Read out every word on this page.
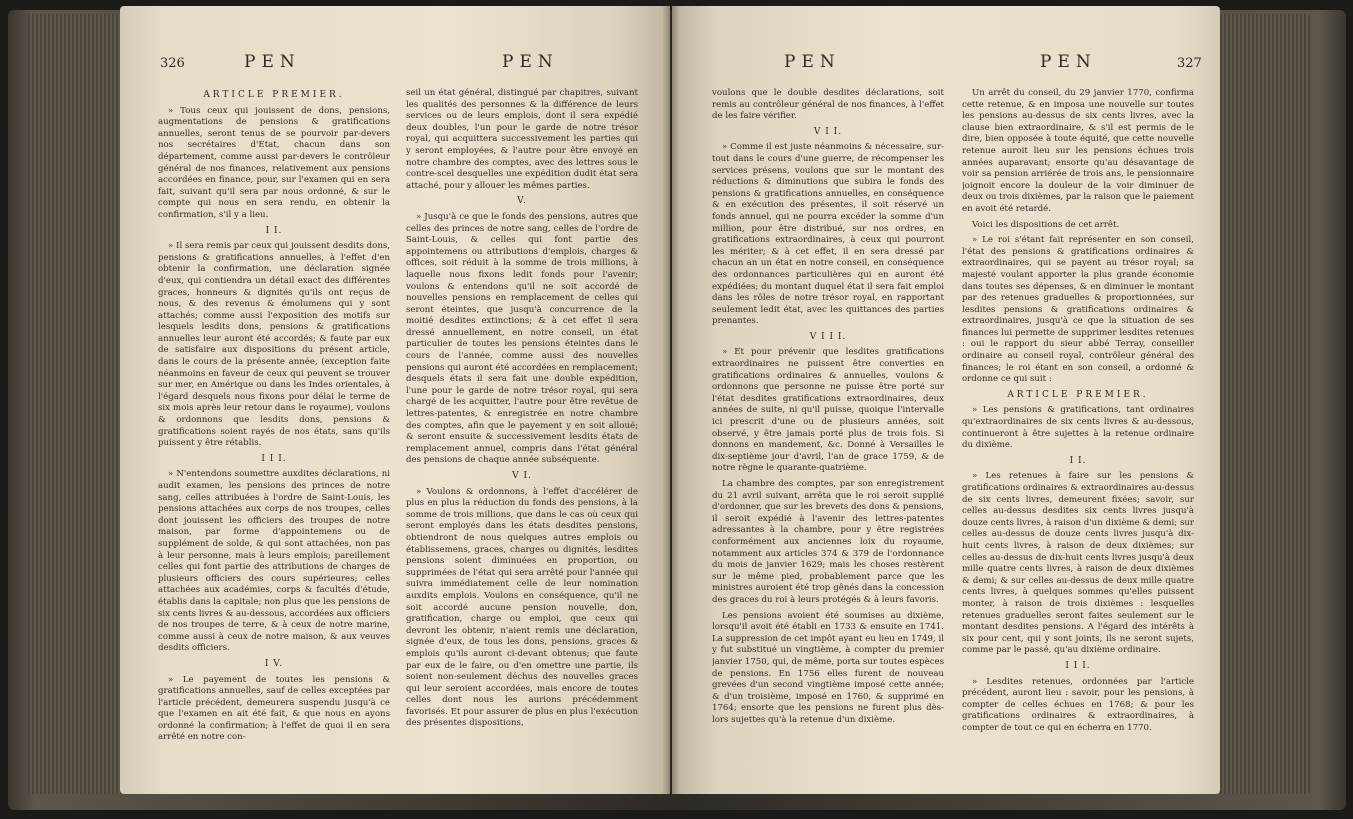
326	PEN	PEN
ARTICLE PREMIER.

» Tous ceux qui jouissent de dons, pensions, augmentations de pensions & gratifications annuelles, seront tenus de se pourvoir par-devers nos secrétaires d'Etat, chacun dans son département, comme aussi par-devers le contrôleur général de nos finances, relativement aux pensions accordées en finance, pour, sur l'examen qui en sera fait, suivant qu'il sera par nous ordonné, & sur le compte qui nous en sera rendu, en obtenir la confirmation, s'il y a lieu.

I I.

» Il sera remis par ceux qui jouissent desdits dons, pensions & gratifications annuelles, à l'effet d'en obtenir la confirmation, une déclaration signée d'eux, qui contiendra un détail exact des différentes graces, honneurs & dignités qu'ils ont reçus de nous, & des revenus & émolumens qui y sont attachés; comme aussi l'exposition des motifs sur lesquels lesdits dons, pensions & gratifications annuelles leur auront été accordés; & faute par eux de satisfaire aux dispositions du présent article, dans le cours de la présente année, (exception faite néanmoins en faveur de ceux qui peuvent se trouver sur mer, en Amérique ou dans les Indes orientales, à l'égard desquels nous fixons pour délai le terme de six mois après leur retour dans le royaume), voulons & ordonnons que lesdits dons, pensions & gratifications soient rayés de nos états, sans qu'ils puissent y être rétablis.

I I I.

» N'entendons soumettre auxdites déclarations, ni audit examen, les pensions des princes de notre sang, celles attribuées à l'ordre de Saint-Louis, les pensions attachées aux corps de nos troupes, celles dont jouissent les officiers des troupes de notre maison, par forme d'appointemens ou de supplément de solde, & qui sont attachées, non pas à leur personne, mais à leurs emplois; pareillement celles qui font partie des attributions de charges de plusieurs officiers des cours supérieures; celles attachées aux académies, corps & facultés d'étude, établis dans la capitale; non plus que les pensions de six cents livres & au-dessous, accordées aux officiers de nos troupes de terre, & à ceux de notre marine, comme aussi à ceux de notre maison, & aux veuves desdits officiers.

I V.

» Le payement de toutes les pensions & gratifications annuelles, sauf de celles exceptées par l'article précédent, demeurera suspendu jusqu'à ce que l'examen en ait été fait, & que nous en ayons ordonné la confirmation; à l'effet de quoi il en sera arrêté en notre con-

seil un état général, distingué par chapitres, suivant les qualités des personnes & la différence de leurs services ou de leurs emplois, dont il sera expédié deux doubles, l'un pour le garde de notre trésor royal, qui acquittera successivement les parties qui y seront employées, & l'autre pour être envoyé en notre chambre des comptes, avec des lettres sous le contre-scel desquelles une expédition dudit état sera attaché, pour y allouer les mêmes parties.

V.

» Jusqu'à ce que le fonds des pensions, autres que celles des princes de notre sang, celles de l'ordre de Saint-Louis, & celles qui font partie des appointemens ou attributions d'emplois, charges & offices, soit réduit à la somme de trois millions, à laquelle nous fixons ledit fonds pour l'avenir; voulons & entendons qu'il ne soit accordé de nouvelles pensions en remplacement de celles qui seront éteintes, que jusqu'à concurrence de la moitié desdites extinctions; & à cet effet il sera dressé annuellement, en notre conseil, un état particulier de toutes les pensions éteintes dans le cours de l'année, comme aussi des nouvelles pensions qui auront été accordées en remplacement; desquels états il sera fait une double expédition, l'une pour le garde de notre trésor royal, qui sera chargé de les acquitter, l'autre pour être revêtue de lettres-patentes, & enregistrée en notre chambre des comptes, afin que le payement y en soit alloué; & seront ensuite & successivement lesdits états de remplacement annuel, compris dans l'état général des pensions de chaque année subséquente.

V I.

» Voulons & ordonnons, à l'effet d'accélérer de plus en plus la réduction du fonds des pensions, à la somme de trois millions, que dans le cas où ceux qui seront employés dans les états desdites pensions, obtiendront de nous quelques autres emplois ou établissemens, graces, charges ou dignités, lesdites pensions soient diminuées en proportion, ou supprimées de l'état qui sera arrêté pour l'année qui suivra immédiatement celle de leur nomination auxdits emplois. Voulons en conséquence, qu'il ne soit accordé aucune pension nouvelle, don, gratification, charge ou emploi, que ceux qui devront les obtenir, n'aient remis une déclaration, signée d'eux, de tous les dons, pensions, graces & emplois qu'ils auront ci-devant obtenus; que faute par eux de le faire, ou d'en omettre une partie, ils soient non-seulement déchus des nouvelles graces qui leur seroient accordées, mais encore de toutes celles dont nous les aurions précédemment favorisés. Et pour assurer de plus en plus l'exécution des présentes dispositions,

PEN	PEN	327

voulons que le double desdites déclarations, soit remis au contrôleur général de nos finances, à l'effet de les faire vérifier.

V I I.

» Comme il est juste néanmoins & nécessaire, sur-tout dans le cours d'une guerre, de récompenser les services présens, voulons que sur le montant des réductions & diminutions que subira le fonds des pensions & gratifications annuelles, en conséquence & en exécution des présentes, il soit réservé un fonds annuel, qui ne pourra excéder la somme d'un million, pour être distribué, sur nos ordres, en gratifications extraordinaires, à ceux qui pourront les mériter; & à cet effet, il en sera dressé par chacun an un état en notre conseil, en conséquence des ordonnances particulières qui en auront été expédiées; du montant duquel état il sera fait emploi dans les rôles de notre trésor royal, en rapportant seulement ledit état, avec les quittances des parties prenantes.

V I I I.

» Et pour prévenir que lesdites gratifications extraordinaires ne puissent être converties en gratifications ordinaires & annuelles, voulons & ordonnons que personne ne puisse être porté sur l'état desdites gratifications extraordinaires, deux années de suite, ni qu'il puisse, quoique l'intervalle ici prescrit d'une ou de plusieurs années, soit observé, y être jamais porté plus de trois fois. Si donnons en mandement, &c. Donné à Versailles le dix-septième jour d'avril, l'an de grace 1759, & de notre règne le quarante-quatrième.

La chambre des comptes, par son enregistrement du 21 avril suivant, arrêta que le roi seroit supplié d'ordonner, que sur les brevets des dons & pensions, il seroit expédié à l'avenir des lettres-patentes adressantes à la chambre, pour y être registrées conformément aux anciennes loix du royaume, notamment aux articles 374 & 379 de l'ordonnance du mois de janvier 1629; mais les choses restèrent sur le même pied, probablement parce que les ministres auroient été trop gênés dans la concession des graces du roi à leurs protégés & à leurs favoris.

Les pensions avoient été soumises au dixième, lorsqu'il avoit été établi en 1733 & ensuite en 1741. La suppression de cet impôt ayant eu lieu en 1749, il y fut substitué un vingtième, à compter du premier janvier 1750, qui, de même, porta sur toutes espèces de pensions. En 1756 elles furent de nouveau grevées d'un second vingtième imposé cette année; & d'un troisième, imposé en 1760, & supprimé en 1764; ensorte que les pensions ne furent plus dès-lors sujettes qu'à la retenue d'un dixième.

Un arrêt du conseil, du 29 janvier 1770, confirma cette retenue, & en imposa une nouvelle sur toutes les pensions au-dessus de six cents livres, avec la clause bien extraordinaire, & s'il est permis de le dire, bien opposée à toute équité, que cette nouvelle retenue auroit lieu sur les pensions échues trois années auparavant; ensorte qu'au désavantage de voir sa pension arriérée de trois ans, le pensionnaire joignoit encore la douleur de la voir diminuer de deux ou trois dixièmes, par la raison que le paiement en avoit été retardé.

Voici les dispositions de cet arrêt.

» Le roi s'étant fait représenter en son conseil, l'état des pensions & gratifications ordinaires & extraordinaires, qui se payent au trésor royal; sa majesté voulant apporter la plus grande économie dans toutes ses dépenses, & en diminuer le montant par des retenues graduelles & proportionnées, sur lesdites pensions & gratifications ordinaires & extraordinaires, jusqu'à ce que la situation de ses finances lui permette de supprimer lesdites retenues : oui le rapport du sieur abbé Terray, conseiller ordinaire au conseil royal, contrôleur général des finances; le roi étant en son conseil, a ordonné & ordonne ce qui suit :

ARTICLE PREMIER.

» Les pensions & gratifications, tant ordinaires qu'extraordinaires de six cents livres & au-dessous, continueront à être sujettes à la retenue ordinaire du dixième.

I I.

» Les retenues à faire sur les pensions & gratifications ordinaires & extraordinaires au-dessus de six cents livres, demeurent fixées; savoir, sur celles au-dessus desdites six cents livres jusqu'à douze cents livres, à raison d'un dixième & demi; sur celles au-dessus de douze cents livres jusqu'à dix-huit cents livres, à raison de deux dixièmes; sur celles au-dessus de dix-huit cents livres jusqu'à deux mille quatre cents livres, à raison de deux dixièmes & demi; & sur celles au-dessus de deux mille quatre cents livres, à quelques sommes qu'elles puissent monter, à raison de trois dixièmes : lesquelles retenues graduelles seront faites seulement sur le montant desdites pensions. A l'égard des intérêts à six pour cent, qui y sont joints, ils ne seront sujets, comme par le passé, qu'au dixième ordinaire.

I I I.

» Lesdites retenues, ordonnées par l'article précédent, auront lieu : savoir, pour les pensions, à compter de celles échues en 1768; & pour les gratifications ordinaires & extraordinaires, à compter de tout ce qui en écherra en 1770.
